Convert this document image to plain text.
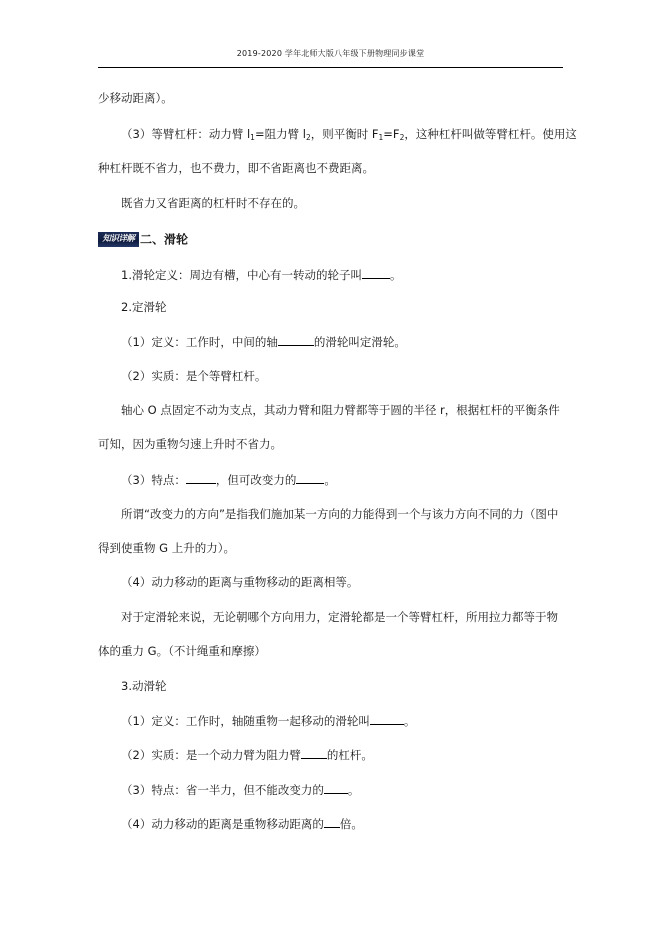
2019-2020 学年北师大版八年级下册物理同步课堂
少移动距离）。
（3）等臂杠杆：动力臂 $l_1=$阻力臂 $l_2$，则平衡时 $F_1=F_2$，这种杠杆叫做等臂杠杆。使用这
种杠杆既不省力，也不费力，即不省距离也不费距离。
既省力又省距离的杠杆时不存在的。
知识详解 二、滑轮
1.滑轮定义：周边有槽，中心有一转动的轮子叫 。
2.定滑轮
（1）定义：工作时，中间的轴	的滑轮叫定滑轮。
（2）实质：是个等臂杠杆。
轴心 O 点固定不动为支点，其动力臂和阻力臂都等于圆的半径 r，根据杠杆的平衡条件
可知，因为重物匀速上升时不省力。
（3）特点：	，但可改变力的 。
所谓“改变力的方向”是指我们施加某一方向的力能得到一个与该力方向不同的力（图中
得到使重物 G 上升的力）。
（4）动力移动的距离与重物移动的距离相等。
对于定滑轮来说，无论朝哪个方向用力，定滑轮都是一个等臂杠杆，所用拉力都等于物
体的重力 G。（不计绳重和摩擦）
3.动滑轮
（1）定义：工作时，轴随重物一起移动的滑轮叫	。
（2）实质：是一个动力臂为阻力臂 的杠杆。
（3）特点：省一半力，但不能改变力的 。
（4）动力移动的距离是重物移动距离的 倍。
